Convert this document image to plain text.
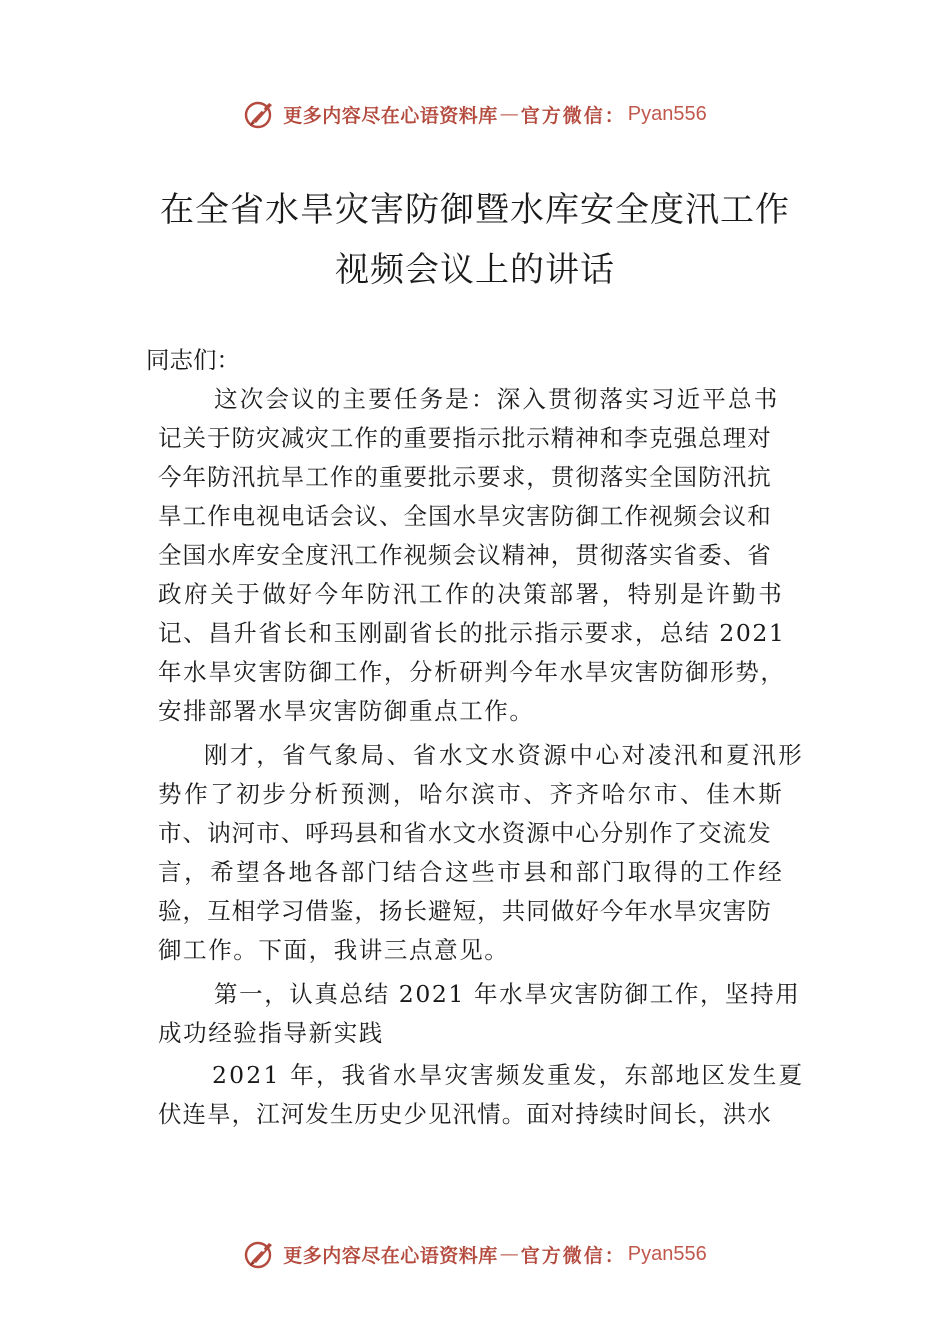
更多内容尽在心语资料库 — 官方微信： Pyan556
在全省水旱灾害防御暨水库安全度汛工作
视频会议上的讲话
同志们：
这次会议的主要任务是：深入贯彻落实习近平总书
记关于防灾减灾工作的重要指示批示精神和李克强总理对
今年防汛抗旱工作的重要批示要求，贯彻落实全国防汛抗
旱工作电视电话会议、全国水旱灾害防御工作视频会议和
全国水库安全度汛工作视频会议精神，贯彻落实省委、省
政府关于做好今年防汛工作的决策部署，特别是许勤书
记、昌升省长和玉刚副省长的批示指示要求，总结 2021
年水旱灾害防御工作，分析研判今年水旱灾害防御形势，
安排部署水旱灾害防御重点工作。
刚才，省气象局、省水文水资源中心对凌汛和夏汛形
势作了初步分析预测，哈尔滨市、齐齐哈尔市、佳木斯
市、讷河市、呼玛县和省水文水资源中心分别作了交流发
言，希望各地各部门结合这些市县和部门取得的工作经
验，互相学习借鉴，扬长避短，共同做好今年水旱灾害防
御工作。下面，我讲三点意见。
第一，认真总结 2021 年水旱灾害防御工作，坚持用
成功经验指导新实践
2021 年，我省水旱灾害频发重发，东部地区发生夏
伏连旱，江河发生历史少见汛情。面对持续时间长，洪水
更多内容尽在心语资料库 — 官方微信： Pyan556
